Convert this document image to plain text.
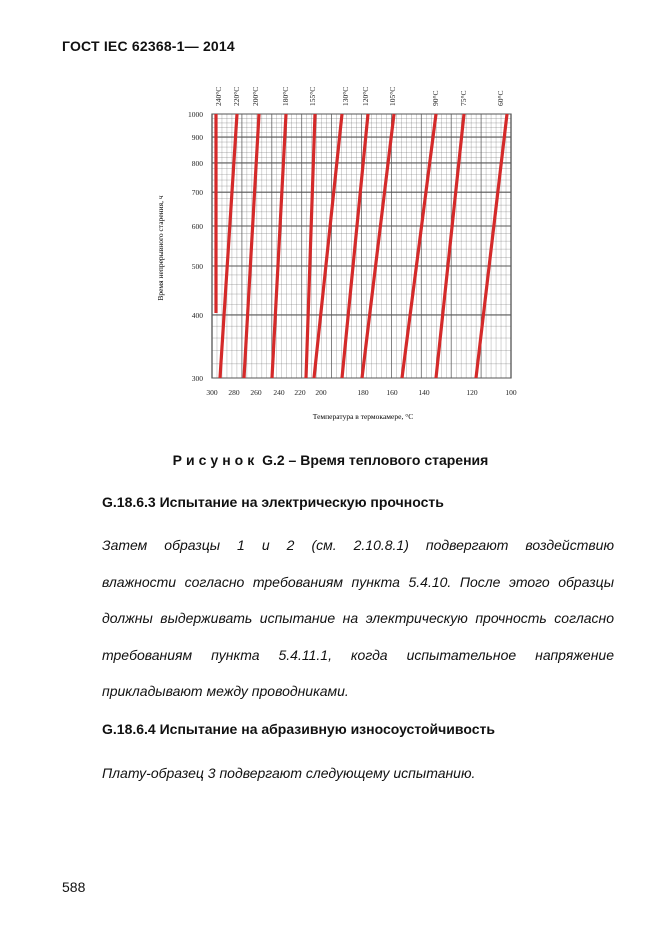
ГОСТ IEC 62368-1— 2014
300
400
500
600
700
800
900
1000
300 280 260 240 220 200	180 160	140	120	100
240°С 220°С 200°С	180°С 155°С	130°С 120°С 105°С	90°С	75°С	60°С
Время непрерывного старения, ч
Температура в термокамере, °С
Рисунок G.2 – Время теплового старения
G.18.6.3 Испытание на электрическую прочность
Затем образцы 1 и 2 (см. 2.10.8.1) подвергают воздействию
влажности согласно требованиям пункта 5.4.10. После этого образцы
должны выдерживать испытание на электрическую прочность согласно
требованиям пункта 5.4.11.1, когда испытательное напряжение
прикладывают между проводниками.
G.18.6.4 Испытание на абразивную износоустойчивость
Плату-образец 3 подвергают следующему испытанию.
588
